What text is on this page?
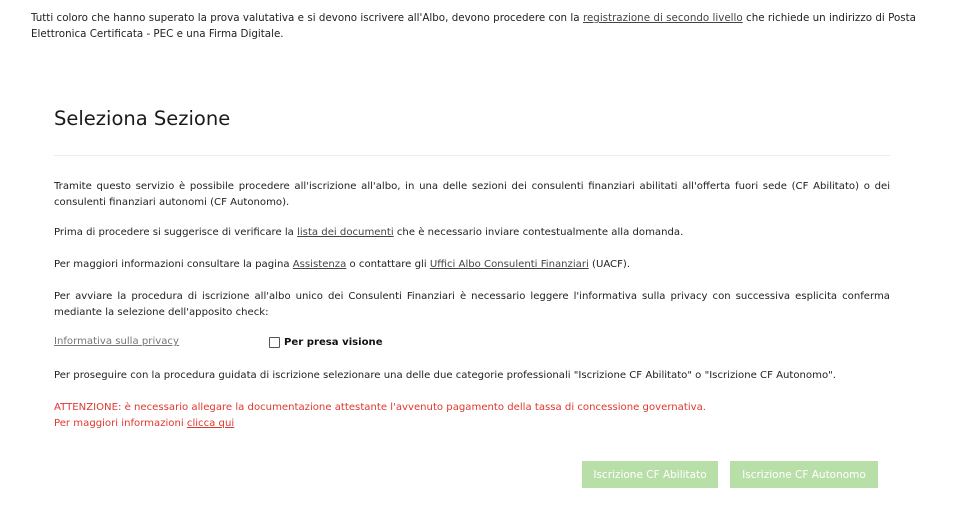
Tutti coloro che hanno superato la prova valutativa e si devono iscrivere all'Albo, devono procedere con la registrazione di secondo livello che richiede un indirizzo di Posta Elettronica Certificata - PEC e una Firma Digitale.
Seleziona Sezione

Tramite questo servizio è possibile procedere all'iscrizione all'albo, in una delle sezioni dei consulenti finanziari abilitati all'offerta fuori sede (CF Abilitato) o dei consulenti finanziari autonomi (CF Autonomo).

Prima di procedere si suggerisce di verificare la lista dei documenti che è necessario inviare contestualmente alla domanda.

Per maggiori informazioni consultare la pagina Assistenza o contattare gli Uffici Albo Consulenti Finanziari (UACF).

Per avviare la procedura di iscrizione all'albo unico dei Consulenti Finanziari è necessario leggere l'informativa sulla privacy con successiva esplicita conferma mediante la selezione dell'apposito check:

Informativa sulla privacy	Per presa visione

Per proseguire con la procedura guidata di iscrizione selezionare una delle due categorie professionali "Iscrizione CF Abilitato" o "Iscrizione CF Autonomo".

ATTENZIONE: è necessario allegare la documentazione attestante l'avvenuto pagamento della tassa di concessione governativa.
Per maggiori informazioni clicca qui
Iscrizione CF Abilitato	Iscrizione CF Autonomo
